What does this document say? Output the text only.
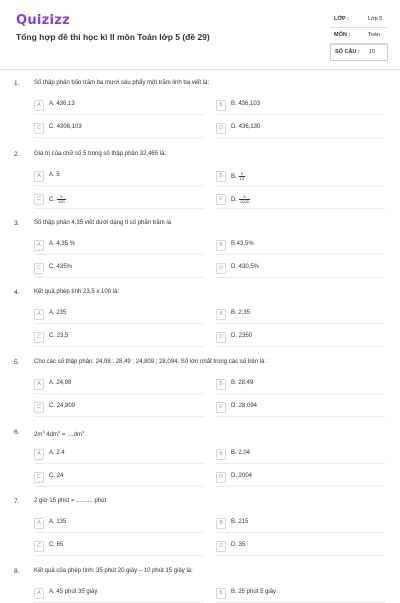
Quizizz
Tổng hợp đề thi học kì II môn Toán lớp 5 (đề 29)
LỚP :	Lớp 5
MÔN :	Toán
SỐ CÂU : 10
1. Số thập phân bốn trăm ba mươi sáu phẩy một trăm linh ba viết là:
A	A. 436,13	B	B. 436,103
C	C. 4306,103	D	D. 436,130
2. Giá trị của chữ số 5 trong số thập phân 32,465 là:
A	A. 5	B	B. $\frac{5}{10}$
C	C. $\frac{5}{100}$	D	D. $\frac{5}{1000}$
3. Số thập phân 4,35 viết dưới dạng tỉ số phần trăm là
A	A. 4,35 %	B	B.43,5%
C	C. 435%	D	D. 430,5%
4. Kết quả phép tính 23,5 x 100 là:
A	A. 235	B	B. 2,35
C	C. 23,5	D	D. 2350
5. Cho các số thập phân: 24,98 ; 28,49 ; 24,809 ; 28,094. Số lớn nhất trong các số trên là :
A	A. 24,98	B	B. 28,49
C	C. 24,809	D	D. 28,094
6. $2m^3$ $4dm^3 = ....dm^3$
A	A. 2.4	B	B. 2.04
C	C. 24	D	D. 2004
7. 2 giờ 15 phút = .......... phút
A	A. 135	B	B. 215
C	C. 65	D	D. 35
8. Kết quả của phép tính: 35 phút 20 giây – 10 phút 15 giây là:
A	A. 45 phút 35 giây	B	B. 25 phút 5 giây
